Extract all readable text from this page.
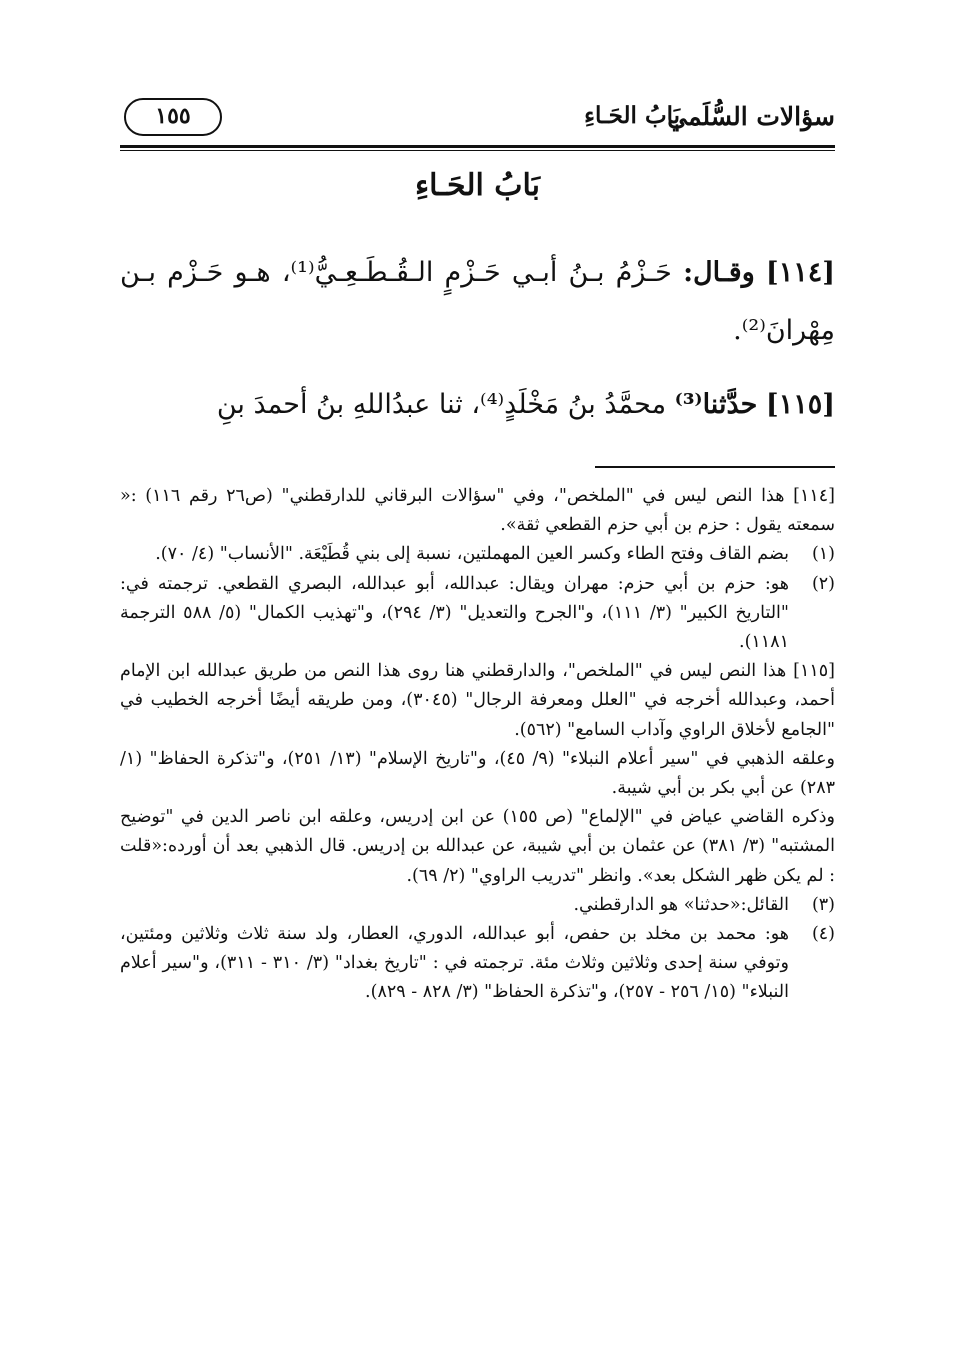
سؤالات السُّلَمي
بَابُ الحَـاءِ
١٥٥
بَابُ الحَـاءِ
[١١٤] وقـال: حَـزْمُ بـنُ أبـي حَـزْمٍ الـقُـطَـعِـيُّ⁽¹⁾، هـو حَـزْم بـن مِهْرانَ⁽²⁾.
[١١٥] حدَّثنا⁽³⁾ محمَّدُ بنُ مَخْلَدٍ⁽⁴⁾، ثنا عبدُاللهِ بنُ أحمدَ بنِ
[١١٤] هذا النص ليس في "الملخص"، وفي "سؤالات البرقاني للدارقطني" (ص٢٦ رقم ١١٦) :« سمعته يقول : حزم بن أبي حزم القطعي ثقة».
(١)
بضم القاف وفتح الطاء وكسر العين المهملتين، نسبة إلى بني قُطَيْعَة. "الأنساب" (٤/ ٧٠).
(٢)
هو: حزم بن أبي حزم: مهران ويقال: عبدالله، أبو عبدالله، البصري القطعي. ترجمته في: "التاريخ الكبير" (٣/ ١١١)، و"الجرح والتعديل" (٣/ ٢٩٤)، و"تهذيب الكمال" (٥/ ٥٨٨ الترجمة ١١٨١).
[١١٥] هذا النص ليس في "الملخص"، والدارقطني هنا روى هذا النص من طريق عبدالله ابن الإمام أحمد، وعبدالله أخرجه في "العلل ومعرفة الرجال" (٣٠٤٥)، ومن طريقه أيضًا أخرجه الخطيب في "الجامع لأخلاق الراوي وآداب السامع" (٥٦٢).
وعلقه الذهبي في "سير أعلام النبلاء" (٩/ ٤٥)، و"تاريخ الإسلام" (١٣/ ٢٥١)، و"تذكرة الحفاظ" (١/ ٢٨٣) عن أبي بكر بن أبي شيبة.
وذكره القاضي عياض في "الإلماع" (ص ١٥٥) عن ابن إدريس، وعلقه ابن ناصر الدين في "توضيح المشتبه" (٣/ ٣٨١) عن عثمان بن أبي شيبة، عن عبدالله بن إدريس. قال الذهبي بعد أن أورده:«قلت : لم يكن ظهر الشكل بعد». وانظر "تدريب الراوي" (٢/ ٦٩).
(٣)
القائل:«حدثنا» هو الدارقطني.
(٤)
هو: محمد بن مخلد بن حفص، أبو عبدالله، الدوري، العطار، ولد سنة ثلاث وثلاثين ومئتين، وتوفي سنة إحدى وثلاثين وثلاث مئة. ترجمته في : "تاريخ بغداد" (٣/ ٣١٠ - ٣١١)، و"سير أعلام النبلاء" (١٥/ ٢٥٦ - ٢٥٧)، و"تذكرة الحفاظ" (٣/ ٨٢٨ - ٨٢٩).
